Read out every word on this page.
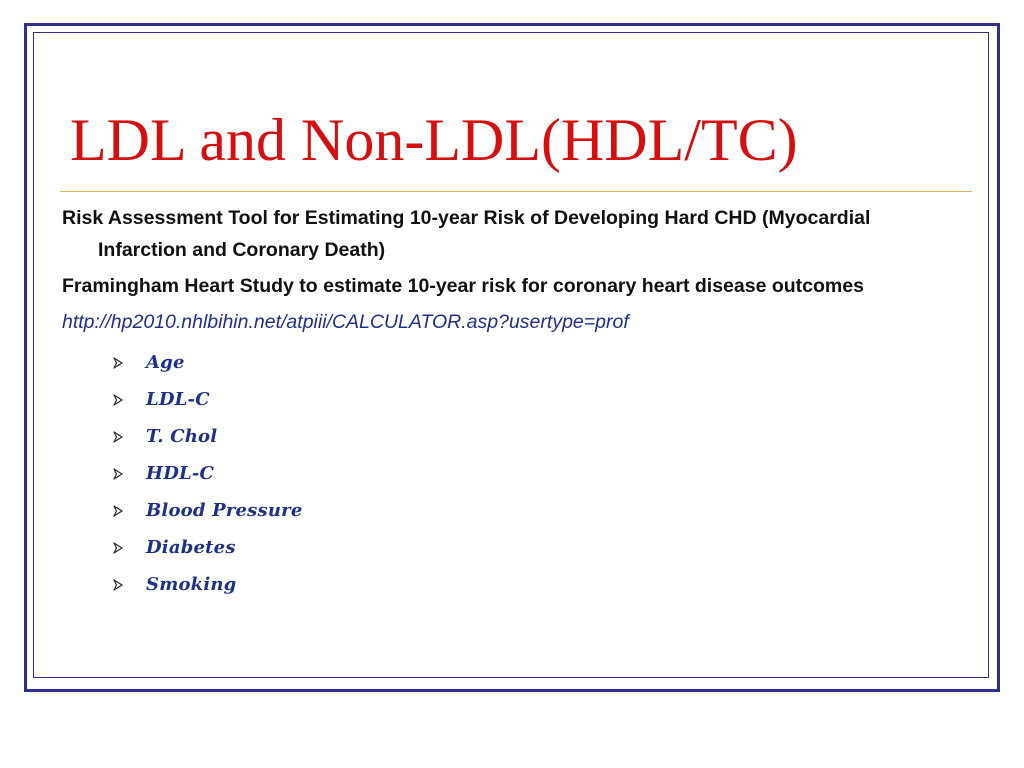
LDL and Non-LDL(HDL/TC)

Risk Assessment Tool for Estimating 10-year Risk of Developing Hard CHD (Myocardial Infarction and Coronary Death)

Framingham Heart Study to estimate 10-year risk for coronary heart disease outcomes

http://hp2010.nhlbihin.net/atpiii/CALCULATOR.asp?usertype=prof
Age
LDL-C
T. Chol
HDL-C
Blood Pressure
Diabetes
Smoking
